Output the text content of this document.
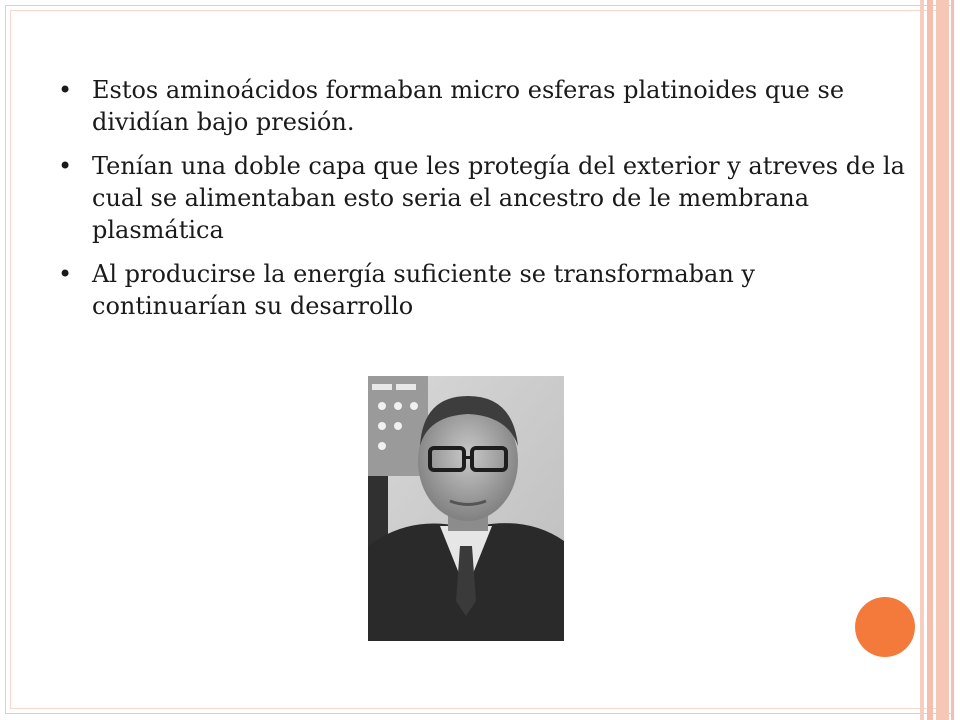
• Estos aminoácidos formaban micro esferas platinoides que se dividían bajo presión.
• Tenían una doble capa que les protegía del exterior y atreves de la cual se alimentaban esto seria el ancestro de le membrana plasmática
• Al producirse la energía suficiente se transformaban y continuarían su desarrollo
